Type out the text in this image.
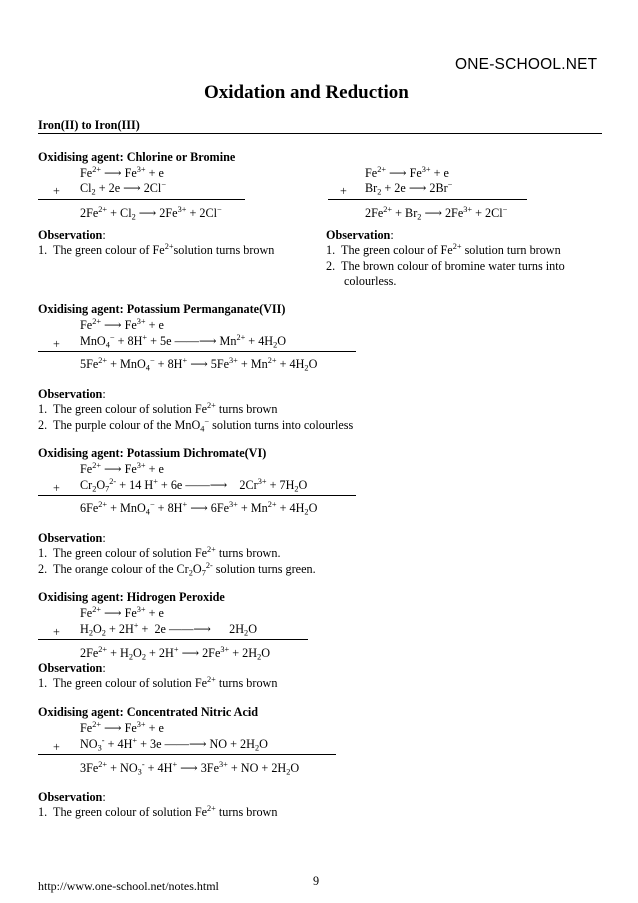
ONE-SCHOOL.NET
Oxidation and Reduction
Iron(II) to Iron(III)
Oxidising agent: Chlorine or Bromine
$Fe^{2+}$ ⟶ $Fe^{3+} + e$
+ $Cl_2 + 2e$ ⟶ 2Cl−
$2Fe^{2+} + Cl_2$ ⟶ $2Fe^{3+} + 2Cl^-$
$Fe^{2+}$ ⟶ $Fe^{3+} + e$
+ $Br_2 + 2e$ ⟶ 2Br−
$2Fe^{2+} + Br_2$ ⟶ $2Fe^{3+} + 2Cl^-$
Observation:
1.  The green colour of $Fe^{2+}solution$ turns brown
Observation:
1.  The green colour of $Fe^{2+}$ solution turn brown
2.  The brown colour of bromine water turns into
colourless.
Oxidising agent: Potassium Permanganate(VII)
$Fe^{2+}$ ⟶ $Fe^{3+} + e$
+ MnO$_4$− + 8H+ + 5e ——⟶ $Mn^{2+} + 4H_2O$
$5Fe^{2+} + MnO_4^- + 8H^+$ ⟶ $5Fe^{3+} + Mn^{2+} + 4H_2O$
Observation:
1.  The green colour of solution $Fe^{2+}$ turns brown
2.  The purple colour of the MnO$_4$− solution turns into colourless
Oxidising agent: Potassium Dichromate(VI)
$Fe^{2+}$ ⟶ $Fe^{3+} + e$
+ $Cr_2O_7^{2-} + 14$ H+ + 6e ——⟶    $2Cr^{3+} + 7H_2O$
$6Fe^{2+} + MnO_4^- + 8H^+$ ⟶ $6Fe^{3+} + Mn^{2+} + 4H_2O$
Observation:
1.  The green colour of solution $Fe^{2+}$ turns brown.
2.  The orange colour of the $Cr_2O_7^{2-}$ solution turns green.
Oxidising agent: Hidrogen Peroxide
$Fe^{2+}$ ⟶ $Fe^{3+} + e$
+ $H_2O_2 + 2H^+ + 2e$ ——⟶      $2H_2O$
$2Fe^{2+} + H_2O_2 + 2H^+$ ⟶ $2Fe^{3+} + 2H_2O$
Observation:
1.  The green colour of solution $Fe^{2+}$ turns brown
Oxidising agent: Concentrated Nitric Acid
$Fe^{2+}$ ⟶ $Fe^{3+} + e$
+ $NO_3^- + 4H^+ + 3e$ ——⟶ NO + $2H_2O$
$3Fe^{2+} + NO_3^- + 4H^+$ ⟶ $3Fe^{3+}$ + NO + $2H_2O$
Observation:
1.  The green colour of solution $Fe^{2+}$ turns brown
http://www.one-school.net/notes.html	9
